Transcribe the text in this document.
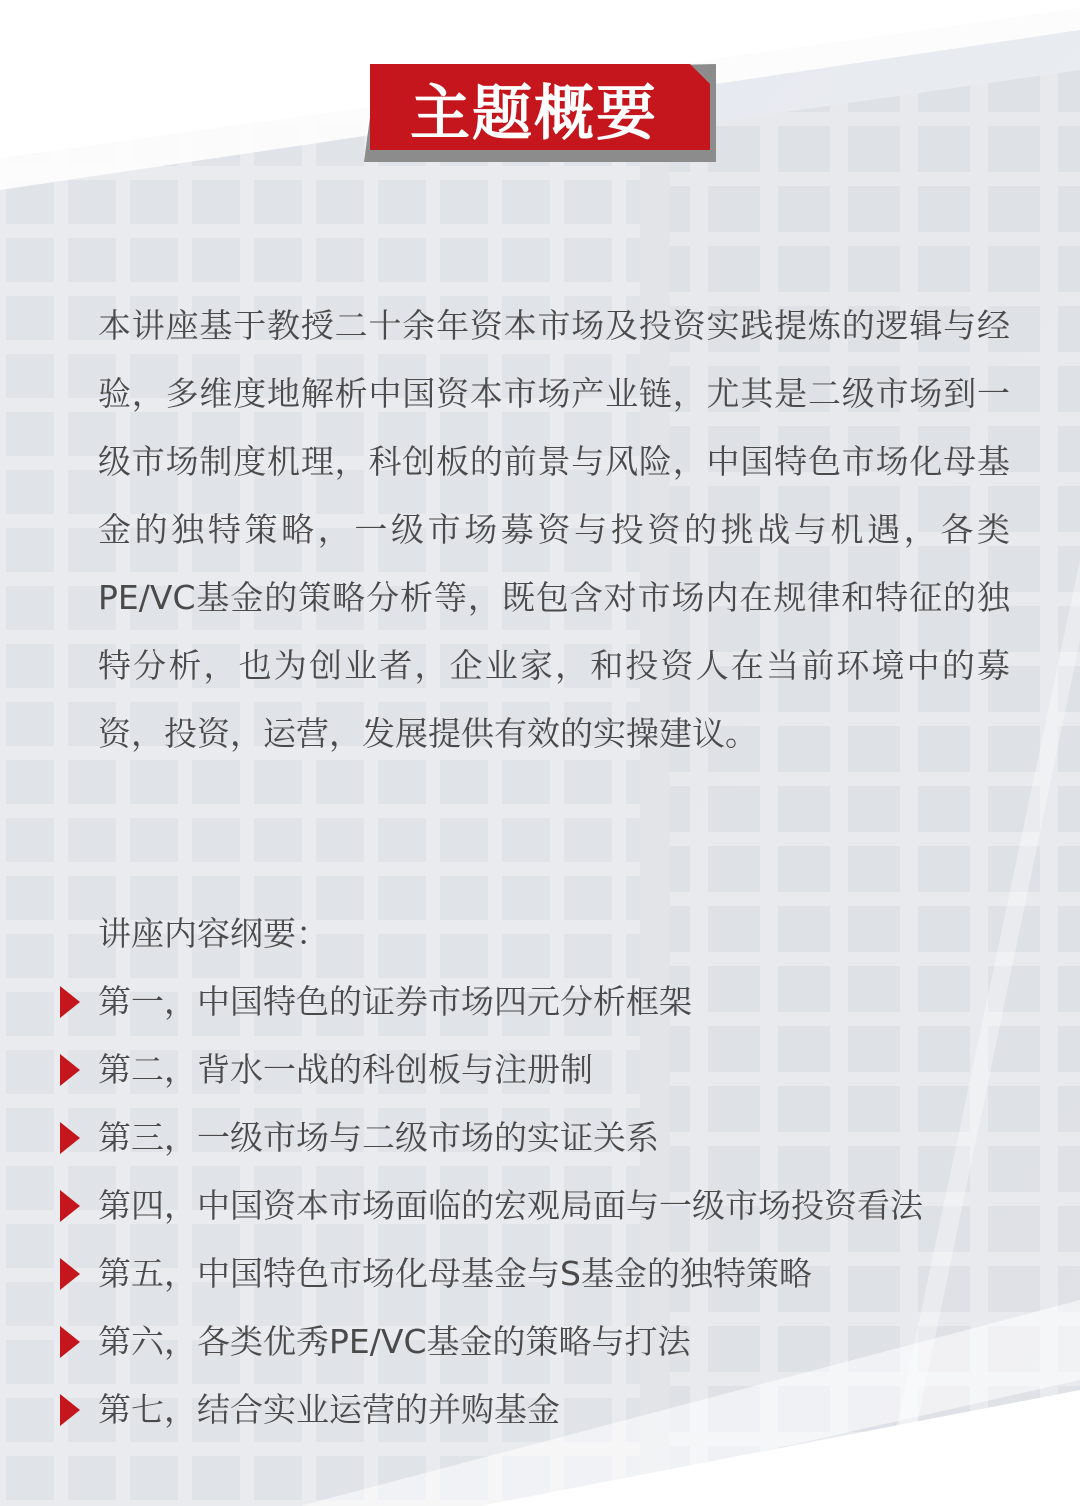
主题概要

本讲座基于教授二十余年资本市场及投资实践提炼的逻辑与经验，多维度地解析中国资本市场产业链，尤其是二级市场到一级市场制度机理，科创板的前景与风险，中国特色市场化母基金的独特策略，一级市场募资与投资的挑战与机遇，各类PE/VC基金的策略分析等，既包含对市场内在规律和特征的独特分析，也为创业者，企业家，和投资人在当前环境中的募资，投资，运营，发展提供有效的实操建议。

讲座内容纲要：

第一，中国特色的证券市场四元分析框架
第二，背水一战的科创板与注册制
第三，一级市场与二级市场的实证关系
第四，中国资本市场面临的宏观局面与一级市场投资看法
第五，中国特色市场化母基金与S基金的独特策略
第六，各类优秀PE/VC基金的策略与打法
第七，结合实业运营的并购基金
